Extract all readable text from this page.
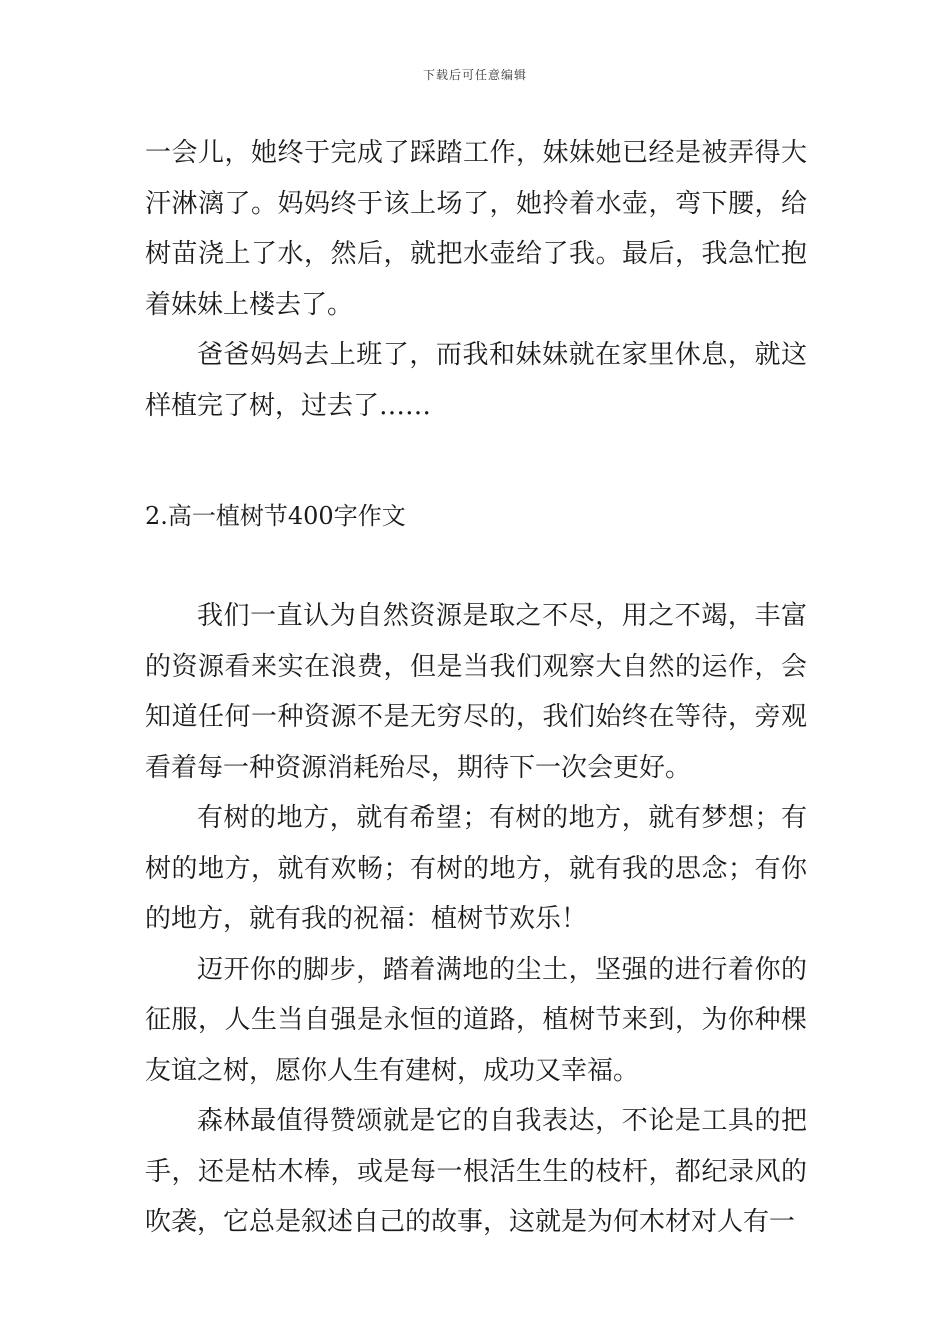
下载后可任意编辑

一会儿，她终于完成了踩踏工作，妹妹她已经是被弄得大汗淋漓了。妈妈终于该上场了，她拎着水壶，弯下腰，给树苗浇上了水，然后，就把水壶给了我。最后，我急忙抱着妹妹上楼去了。

爸爸妈妈去上班了，而我和妹妹就在家里休息，就这样植完了树，过去了……

2.高一植树节400字作文

我们一直认为自然资源是取之不尽，用之不竭，丰富的资源看来实在浪费，但是当我们观察大自然的运作，会知道任何一种资源不是无穷尽的，我们始终在等待，旁观看着每一种资源消耗殆尽，期待下一次会更好。

有树的地方，就有希望；有树的地方，就有梦想；有树的地方，就有欢畅；有树的地方，就有我的思念；有你的地方，就有我的祝福：植树节欢乐！

迈开你的脚步，踏着满地的尘土，坚强的进行着你的征服，人生当自强是永恒的道路，植树节来到，为你种棵友谊之树，愿你人生有建树，成功又幸福。

森林最值得赞颂就是它的自我表达，不论是工具的把手，还是枯木棒，或是每一根活生生的枝杆，都纪录风的吹袭，它总是叙述自己的故事，这就是为何木材对人有一
